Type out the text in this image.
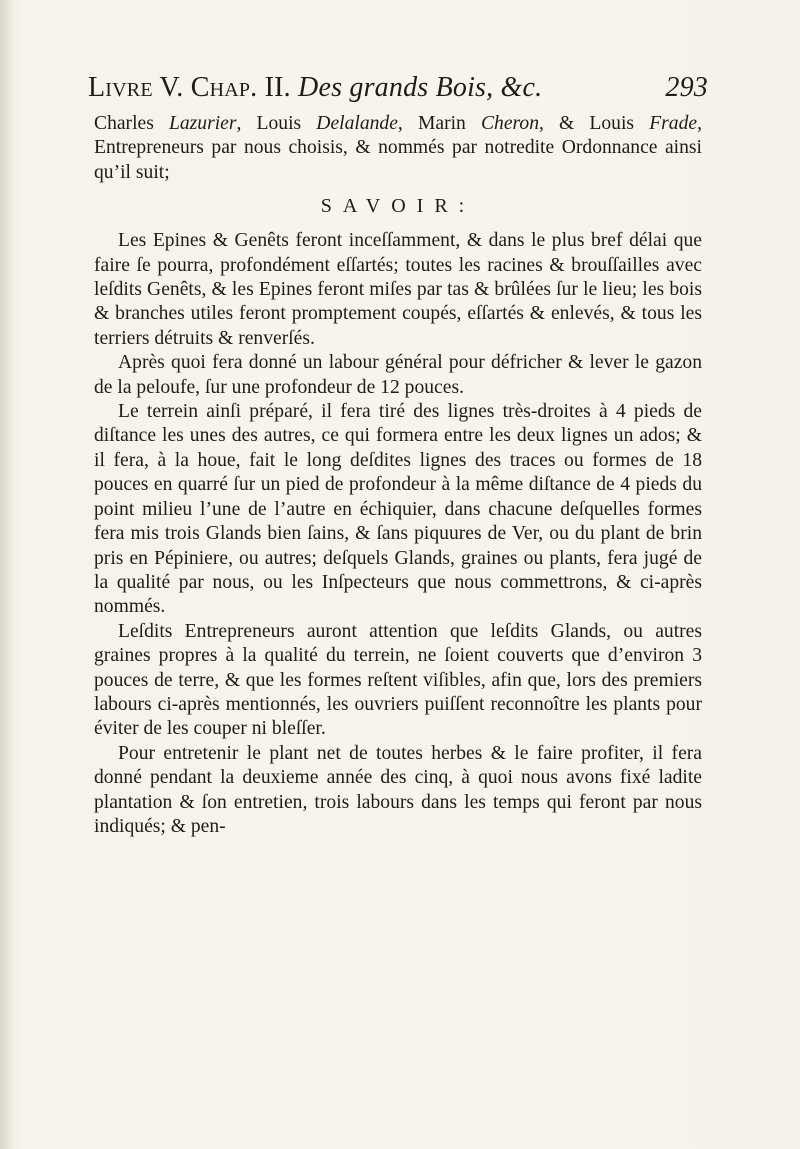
Livre V. Chap. II. Des grands Bois, &c.	293

Charles Lazurier, Louis Delalande, Marin Cheron, & Louis Frade, Entrepreneurs par nous choisis, & nommés par notredite Ordonnance ainsi qu’il suit;

SAVOIR:

Les Epines & Genêts feront inceſſamment, & dans le plus bref délai que faire ſe pourra, profondément eſſartés; toutes les racines & brouſſailles avec leſdits Genêts, & les Epines feront miſes par tas & brûlées ſur le lieu; les bois & branches utiles feront promptement coupés, eſſartés & enlevés, & tous les terriers détruits & renverſés.

Après quoi fera donné un labour général pour défricher & lever le gazon de la peloufe, ſur une profondeur de 12 pouces.

Le terrein ainſi préparé, il fera tiré des lignes très-droites à 4 pieds de diſtance les unes des autres, ce qui formera entre les deux lignes un ados; & il fera, à la houe, fait le long deſdites lignes des traces ou formes de 18 pouces en quarré ſur un pied de profondeur à la même diſtance de 4 pieds du point milieu l’une de l’autre en échiquier, dans chacune deſquelles formes fera mis trois Glands bien ſains, & ſans piquures de Ver, ou du plant de brin pris en Pépiniere, ou autres; deſquels Glands, graines ou plants, fera jugé de la qualité par nous, ou les Inſpecteurs que nous commettrons, & ci-après nommés.

Leſdits Entrepreneurs auront attention que leſdits Glands, ou autres graines propres à la qualité du terrein, ne ſoient couverts que d’environ 3 pouces de terre, & que les formes reſtent viſibles, afin que, lors des premiers labours ci-après mentionnés, les ouvriers puiſſent reconnoître les plants pour éviter de les couper ni bleſſer.

Pour entretenir le plant net de toutes herbes & le faire profiter, il fera donné pendant la deuxieme année des cinq, à quoi nous avons fixé ladite plantation & ſon entretien, trois labours dans les temps qui feront par nous indiqués; & pen-
